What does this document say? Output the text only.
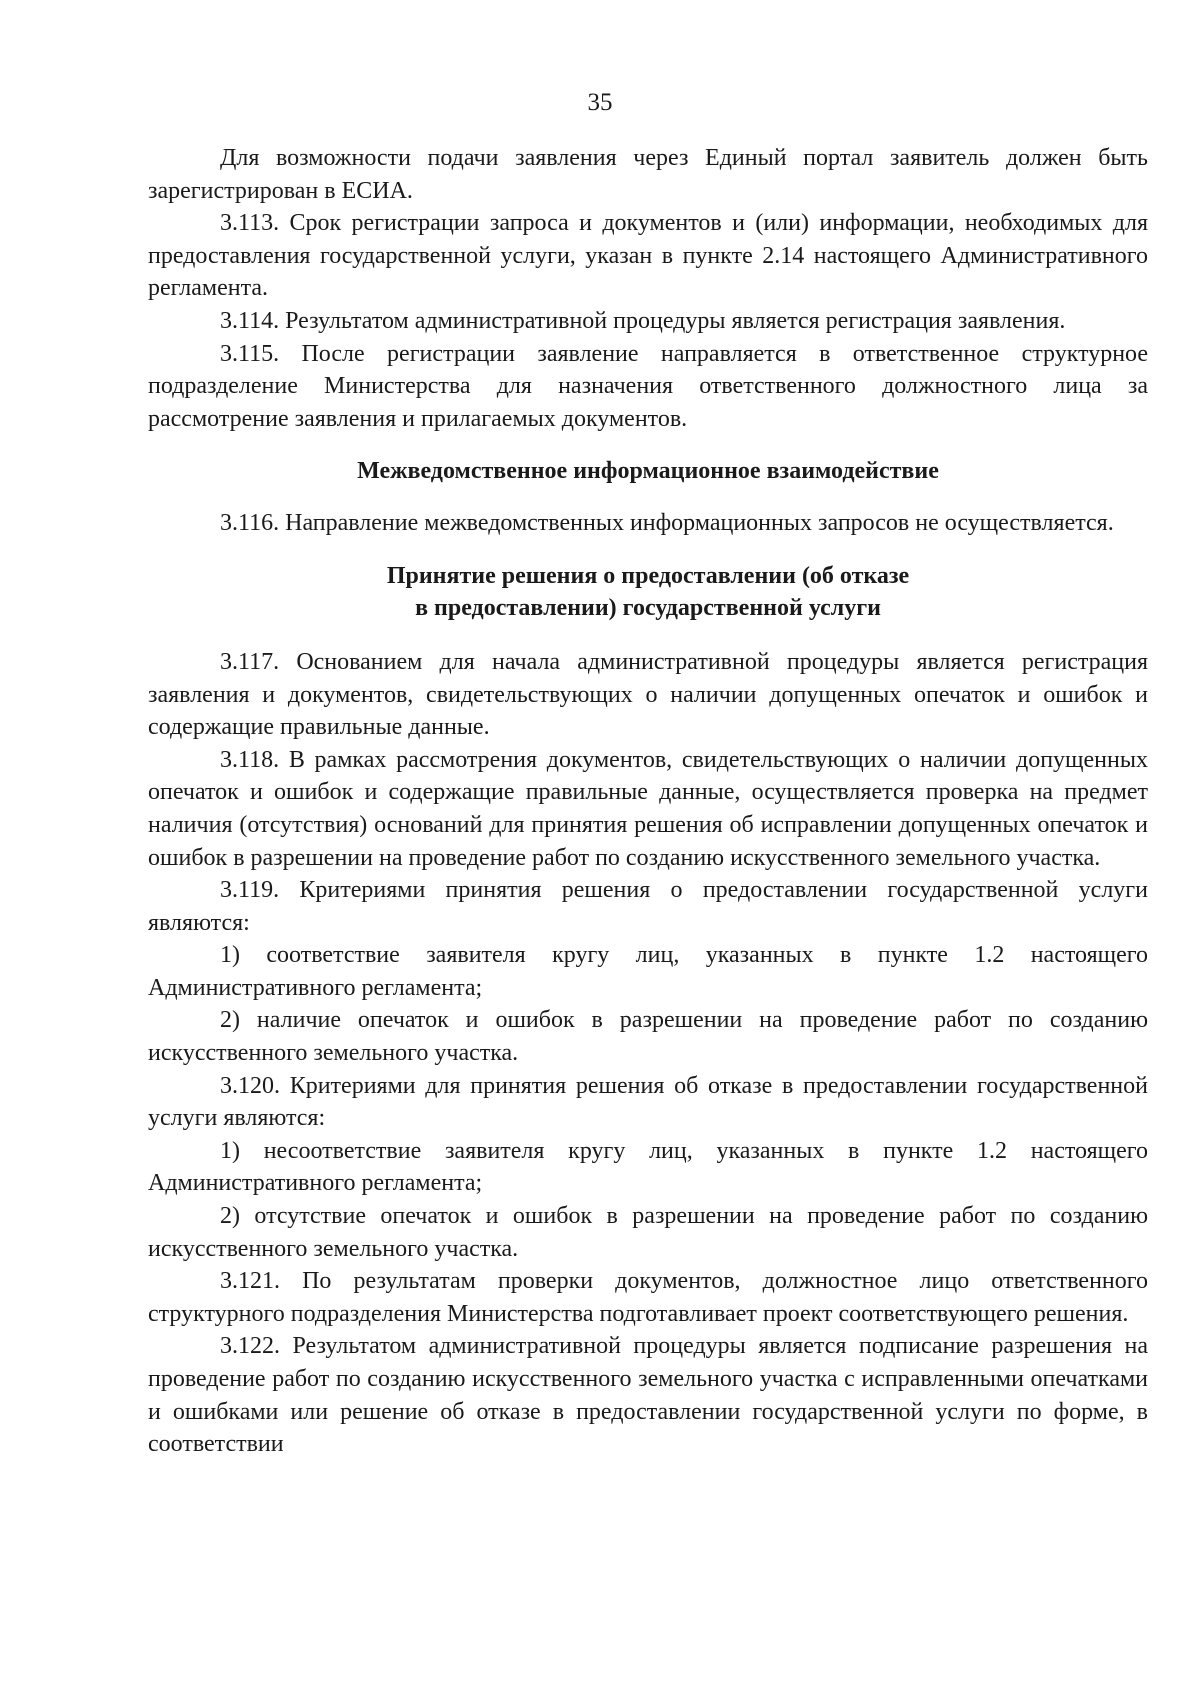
35

Для возможности подачи заявления через Единый портал заявитель должен быть зарегистрирован в ЕСИА.

3.113. Срок регистрации запроса и документов и (или) информации, необходимых для предоставления государственной услуги, указан в пункте 2.14 настоящего Административного регламента.

3.114. Результатом административной процедуры является регистрация заявления.

3.115. После регистрации заявление направляется в ответственное структурное подразделение Министерства для назначения ответственного должностного лица за рассмотрение заявления и прилагаемых документов.

Межведомственное информационное взаимодействие

3.116. Направление межведомственных информационных запросов не осуществляется.

Принятие решения о предоставлении (об отказе

в предоставлении) государственной услуги

3.117. Основанием для начала административной процедуры является регистрация заявления и документов, свидетельствующих о наличии допущенных опечаток и ошибок и содержащие правильные данные.

3.118. В рамках рассмотрения документов, свидетельствующих о наличии допущенных опечаток и ошибок и содержащие правильные данные, осуществляется проверка на предмет наличия (отсутствия) оснований для принятия решения об исправлении допущенных опечаток и ошибок в разрешении на проведение работ по созданию искусственного земельного участка.

3.119. Критериями принятия решения о предоставлении государственной услуги являются:

1) соответствие заявителя кругу лиц, указанных в пункте 1.2 настоящего Административного регламента;

2) наличие опечаток и ошибок в разрешении на проведение работ по созданию искусственного земельного участка.

3.120. Критериями для принятия решения об отказе в предоставлении государственной услуги являются:

1) несоответствие заявителя кругу лиц, указанных в пункте 1.2 настоящего Административного регламента;

2) отсутствие опечаток и ошибок в разрешении на проведение работ по созданию искусственного земельного участка.

3.121. По результатам проверки документов, должностное лицо ответственного структурного подразделения Министерства подготавливает проект соответствующего решения.

3.122. Результатом административной процедуры является подписание разрешения на проведение работ по созданию искусственного земельного участка с исправленными опечатками и ошибками или решение об отказе в предоставлении государственной услуги по форме, в соответствии
